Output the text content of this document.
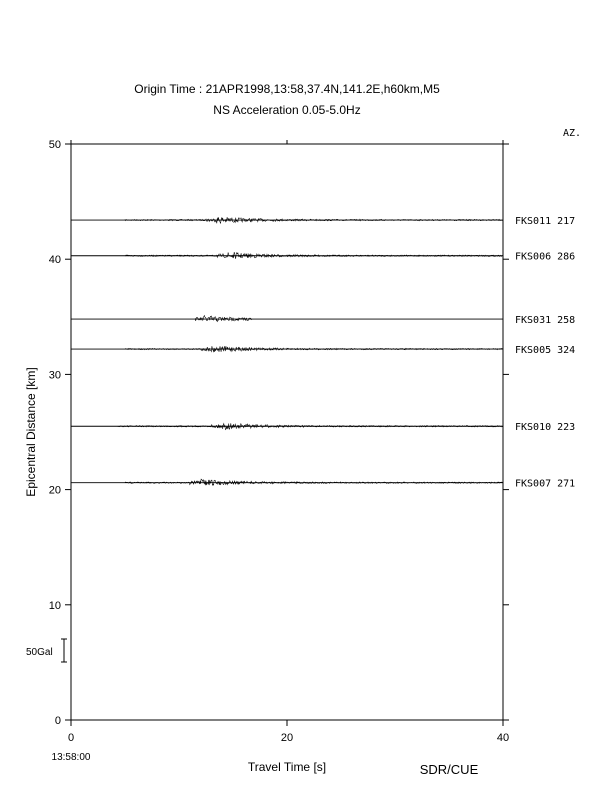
Origin Time : 21APR1998,13:58,37.4N,141.2E,h60km,M5
NS Acceleration 0.05-5.0Hz
AZ.
0
10
20
30
40
50
0	20	40
FKS011 217
FKS006 286
FKS031 258
FKS005 324
FKS010 223
FKS007 271
Epicentral Distance [km]
Travel Time [s]
13:58:00
SDR/CUE
50Gal
